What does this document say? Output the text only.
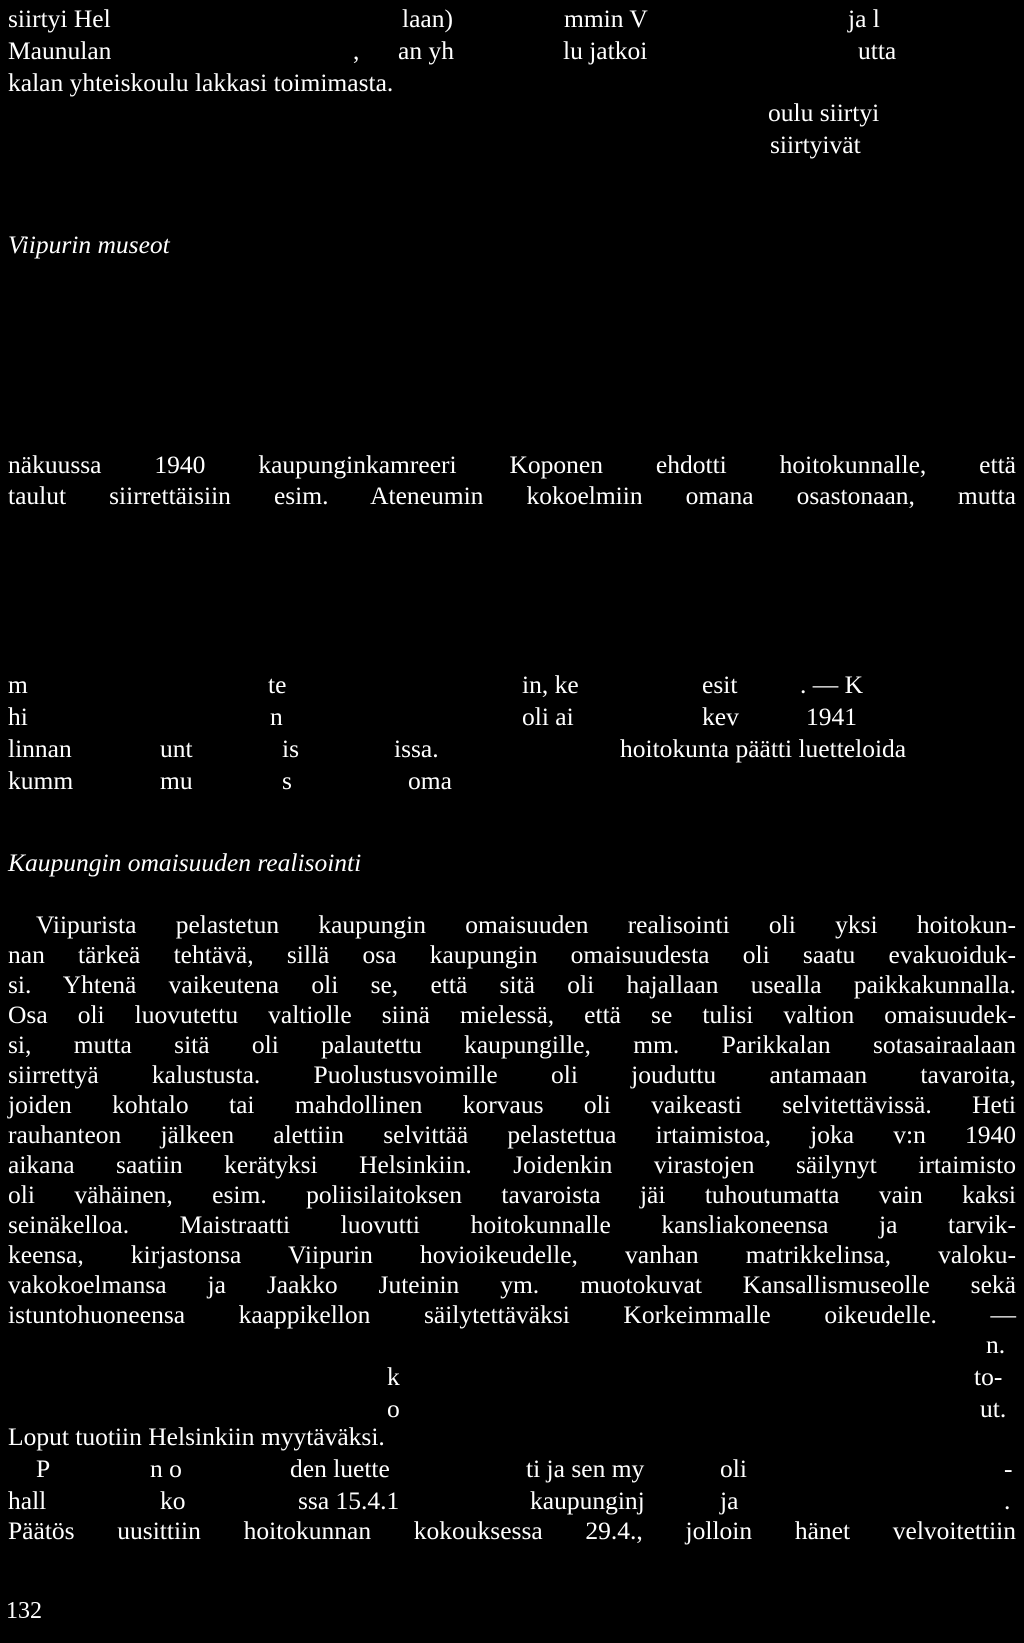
siirtyi Hel	laan)	mmin V	ja l
Maunulan	, an yh	lu jatkoi	utta
kalan yhteiskoulu lakkasi toimimasta.
oulu siirtyi
siirtyivät
Viipurin museot
näkuussa 1940 kaupunginkamreeri Koponen ehdotti hoitokunnalle, että
taulut siirrettäisiin esim. Ateneumin kokoelmiin omana osastonaan, mutta
m	te	in, ke	esit . — K
hi	n	oli ai	kev	1941
linnan	unt	is	issa.	hoitokunta päätti luetteloida
kumm	mu	s	oma
Kaupungin omaisuuden realisointi
Viipurista pelastetun kaupungin omaisuuden realisointi oli yksi hoitokun-
nan tärkeä tehtävä, sillä osa kaupungin omaisuudesta oli saatu evakuoiduk-
si. Yhtenä vaikeutena oli se, että sitä oli hajallaan usealla paikkakunnalla.
Osa oli luovutettu valtiolle siinä mielessä, että se tulisi valtion omaisuudek-
si, mutta sitä oli palautettu kaupungille, mm. Parikkalan sotasairaalaan
siirrettyä kalustusta. Puolustusvoimille oli jouduttu antamaan tavaroita,
joiden kohtalo tai mahdollinen korvaus oli vaikeasti selvitettävissä. Heti
rauhanteon jälkeen alettiin selvittää pelastettua irtaimistoa, joka v:n 1940
aikana saatiin kerätyksi Helsinkiin. Joidenkin virastojen säilynyt irtaimisto
oli vähäinen, esim. poliisilaitoksen tavaroista jäi tuhoutumatta vain kaksi
seinäkelloa. Maistraatti luovutti hoitokunnalle kansliakoneensa ja tarvik-
keensa, kirjastonsa Viipurin hovioikeudelle, vanhan matrikkelinsa, valoku-
vakokoelmansa ja Jaakko Juteinin ym. muotokuvat Kansallismuseolle sekä
istuntohuoneensa kaappikellon säilytettäväksi Korkeimmalle oikeudelle. —
n.
k	to-
o	ut.
Loput tuotiin Helsinkiin myytäväksi.
P	n o	den luette	ti ja sen my	oli	-
hall	ko	ssa 15.4.1	kaupunginj	ja	.
Päätös uusittiin hoitokunnan kokouksessa 29.4., jolloin hänet velvoitettiin
132
